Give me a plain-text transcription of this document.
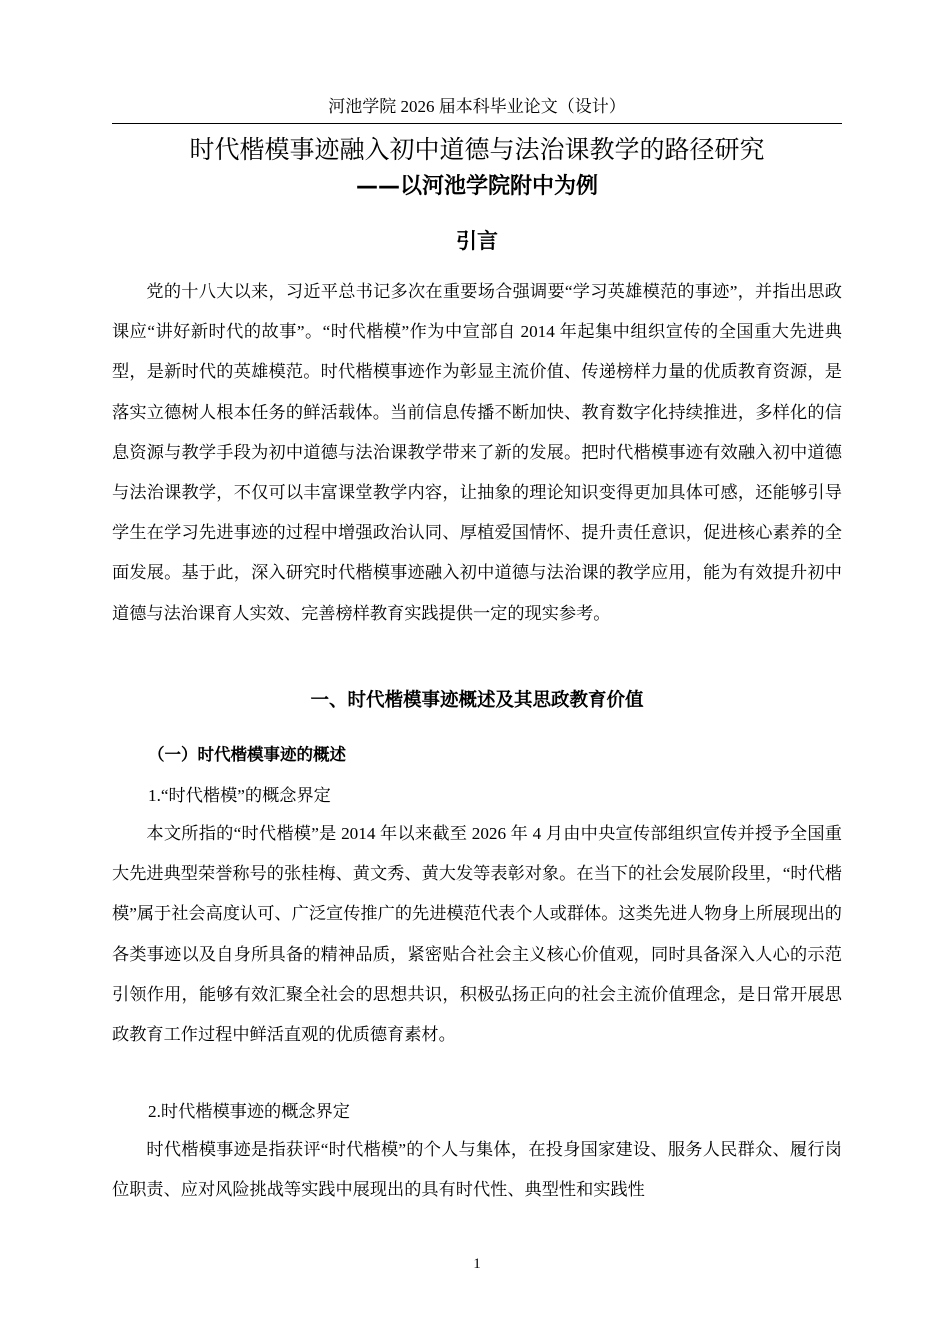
河池学院 2026 届本科毕业论文（设计）
时代楷模事迹融入初中道德与法治课教学的路径研究
——以河池学院附中为例
引言

党的十八大以来，习近平总书记多次在重要场合强调要“学习英雄模范的事迹”，并指出思政课应“讲好新时代的故事”。“时代楷模”作为中宣部自 2014 年起集中组织宣传的全国重大先进典型，是新时代的英雄模范。时代楷模事迹作为彰显主流价值、传递榜样力量的优质教育资源，是落实立德树人根本任务的鲜活载体。当前信息传播不断加快、教育数字化持续推进，多样化的信息资源与教学手段为初中道德与法治课教学带来了新的发展。把时代楷模事迹有效融入初中道德与法治课教学，不仅可以丰富课堂教学内容，让抽象的理论知识变得更加具体可感，还能够引导学生在学习先进事迹的过程中增强政治认同、厚植爱国情怀、提升责任意识，促进核心素养的全面发展。基于此，深入研究时代楷模事迹融入初中道德与法治课的教学应用，能为有效提升初中道德与法治课育人实效、完善榜样教育实践提供一定的现实参考。

一、时代楷模事迹概述及其思政教育价值
（一）时代楷模事迹的概述
1.“时代楷模”的概念界定

本文所指的“时代楷模”是 2014 年以来截至 2026 年 4 月由中央宣传部组织宣传并授予全国重大先进典型荣誉称号的张桂梅、黄文秀、黄大发等表彰对象。在当下的社会发展阶段里，“时代楷模”属于社会高度认可、广泛宣传推广的先进模范代表个人或群体。这类先进人物身上所展现出的各类事迹以及自身所具备的精神品质，紧密贴合社会主义核心价值观，同时具备深入人心的示范引领作用，能够有效汇聚全社会的思想共识，积极弘扬正向的社会主流价值理念，是日常开展思政教育工作过程中鲜活直观的优质德育素材。

2.时代楷模事迹的概念界定

时代楷模事迹是指获评“时代楷模”的个人与集体，在投身国家建设、服务人民群众、履行岗位职责、应对风险挑战等实践中展现出的具有时代性、典型性和实践性

1
